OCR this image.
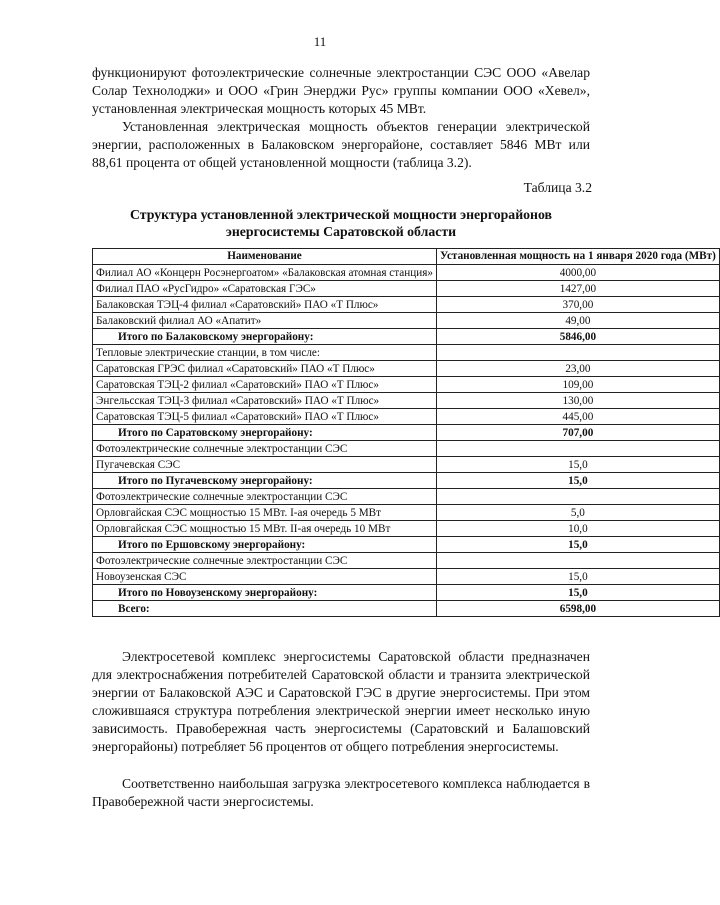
11

функционируют фотоэлектрические солнечные электростанции СЭС ООО «Авелар Солар Технолоджи» и ООО «Грин Энерджи Рус» группы компании ООО «Хевел», установленная электрическая мощность которых 45 МВт.

Установленная электрическая мощность объектов генерации электрической энергии, расположенных в Балаковском энергорайоне, составляет 5846 МВт или 88,61 процента от общей установленной мощности (таблица 3.2).

Таблица 3.2
Структура установленной электрической мощности энергорайонов энергосистемы Саратовской области
Наименование	Установленная мощность на 1 января 2020 года (МВт)
Филиал АО «Концерн Росэнергоатом» «Балаковская атомная станция»	4000,00
Филиал ПАО «РусГидро» «Саратовская ГЭС»	1427,00
Балаковская ТЭЦ-4 филиал «Саратовский» ПАО «Т Плюс»	370,00
Балаковский филиал АО «Апатит»	49,00
Итого по Балаковскому энергорайону:	5846,00
Тепловые электрические станции, в том числе:	
Саратовская ГРЭС филиал «Саратовский» ПАО «Т Плюс»	23,00
Саратовская ТЭЦ-2 филиал «Саратовский» ПАО «Т Плюс»	109,00
Энгельсская ТЭЦ-3 филиал «Саратовский» ПАО «Т Плюс»	130,00
Саратовская ТЭЦ-5 филиал «Саратовский» ПАО «Т Плюс»	445,00
Итого по Саратовскому энергорайону:	707,00
Фотоэлектрические солнечные электростанции СЭС	
Пугачевская СЭС	15,0
Итого по Пугачевскому энергорайону:	15,0
Фотоэлектрические солнечные электростанции СЭС	
Орловгайская СЭС мощностью 15 МВт. I-ая очередь 5 МВт	5,0
Орловгайская СЭС мощностью 15 МВт. II-ая очередь 10 МВт	10,0
Итого по Ершовскому энергорайону:	15,0
Фотоэлектрические солнечные электростанции СЭС	
Новоузенская СЭС	15,0
Итого по Новоузенскому энергорайону:	15,0
Всего:	6598,00

Электросетевой комплекс энергосистемы Саратовской области предназначен для электроснабжения потребителей Саратовской области и транзита электрической энергии от Балаковской АЭС и Саратовской ГЭС в другие энергосистемы. При этом сложившаяся структура потребления электрической энергии имеет несколько иную зависимость. Правобережная часть энергосистемы (Саратовский и Балашовский энергорайоны) потребляет 56 процентов от общего потребления энергосистемы.

Соответственно наибольшая загрузка электросетевого комплекса наблюдается в Правобережной части энергосистемы.
